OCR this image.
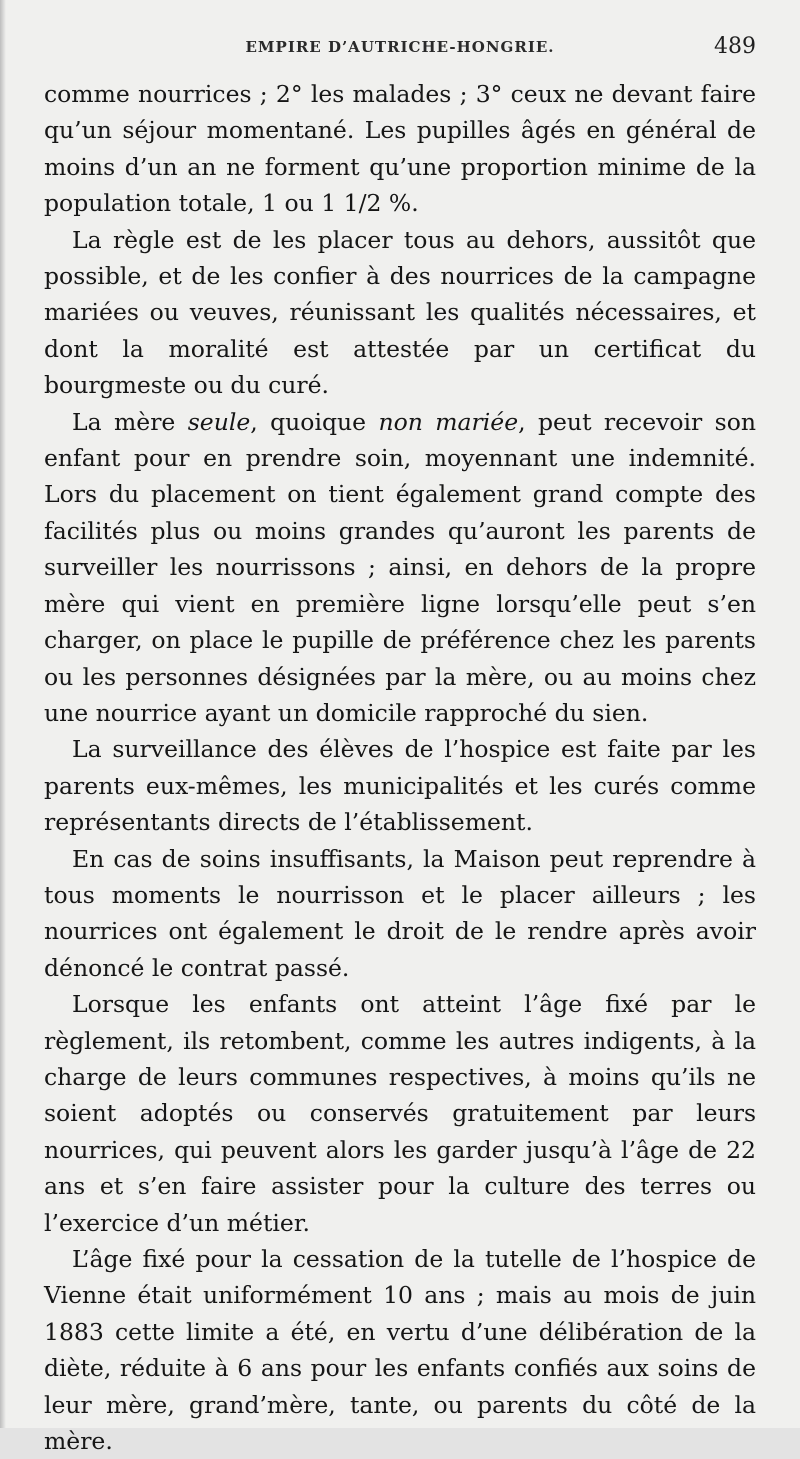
EMPIRE D’AUTRICHE-HONGRIE.	489

comme nourrices ; 2° les malades ; 3° ceux ne devant faire qu’un séjour momentané. Les pupilles âgés en général de moins d’un an ne forment qu’une proportion minime de la population totale, 1 ou 1 1/2 %.

La règle est de les placer tous au dehors, aussitôt que possible, et de les confier à des nourrices de la campagne mariées ou veuves, réunissant les qualités nécessaires, et dont la moralité est attestée par un certificat du bourgmeste ou du curé.

La mère seule, quoique non mariée, peut recevoir son enfant pour en prendre soin, moyennant une indemnité. Lors du placement on tient également grand compte des facilités plus ou moins grandes qu’auront les parents de surveiller les nourrissons ; ainsi, en dehors de la propre mère qui vient en première ligne lorsqu’elle peut s’en charger, on place le pupille de préférence chez les parents ou les personnes désignées par la mère, ou au moins chez une nourrice ayant un domicile rapproché du sien.

La surveillance des élèves de l’hospice est faite par les parents eux-mêmes, les municipalités et les curés comme représentants directs de l’établissement.

En cas de soins insuffisants, la Maison peut reprendre à tous moments le nourrisson et le placer ailleurs ; les nourrices ont également le droit de le rendre après avoir dénoncé le contrat passé.

Lorsque les enfants ont atteint l’âge fixé par le règlement, ils retombent, comme les autres indigents, à la charge de leurs communes respectives, à moins qu’ils ne soient adoptés ou conservés gratuitement par leurs nourrices, qui peuvent alors les garder jusqu’à l’âge de 22 ans et s’en faire assister pour la culture des terres ou l’exercice d’un métier.

L’âge fixé pour la cessation de la tutelle de l’hospice de Vienne était uniformément 10 ans ; mais au mois de juin 1883 cette limite a été, en vertu d’une délibération de la diète, réduite à 6 ans pour les enfants confiés aux soins de leur mère, grand’mère, tante, ou parents du côté de la mère.
